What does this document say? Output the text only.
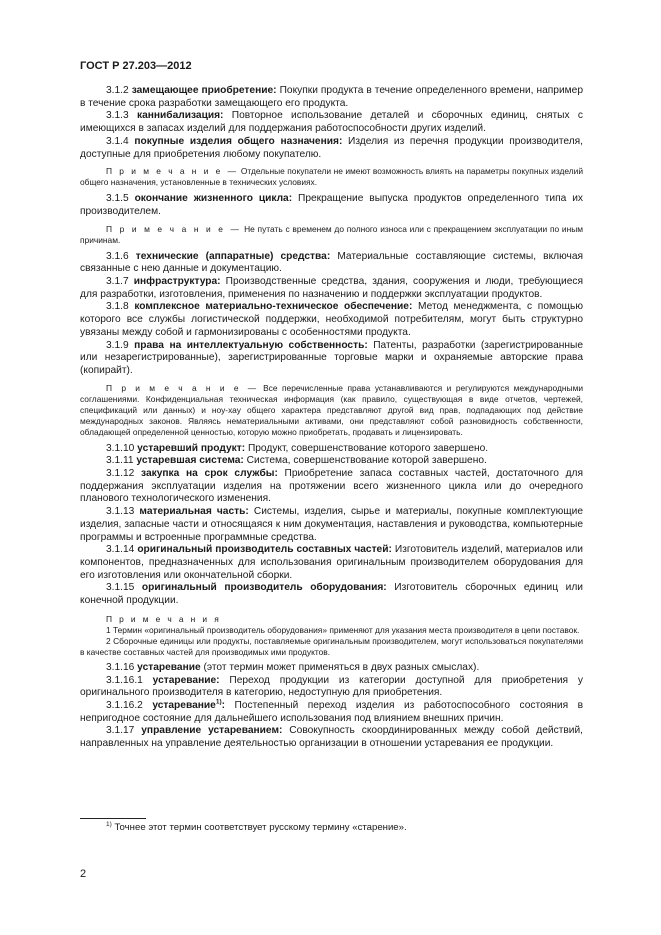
ГОСТ Р 27.203—2012

3.1.2 замещающее приобретение: Покупки продукта в течение определенного времени, например в течение срока разработки замещающего его продукта.

3.1.3 каннибализация: Повторное использование деталей и сборочных единиц, снятых с имеющихся в запасах изделий для поддержания работоспособности других изделий.

3.1.4 покупные изделия общего назначения: Изделия из перечня продукции производителя, доступные для приобретения любому покупателю.

П р и м е ч а н и е — Отдельные покупатели не имеют возможность влиять на параметры покупных изделий общего назначения, установленные в технических условиях.

3.1.5 окончание жизненного цикла: Прекращение выпуска продуктов определенного типа их производителем.

П р и м е ч а н и е — Не путать с временем до полного износа или с прекращением эксплуатации по иным причинам.

3.1.6 технические (аппаратные) средства: Материальные составляющие системы, включая связанные с нею данные и документацию.

3.1.7 инфраструктура: Производственные средства, здания, сооружения и люди, требующиеся для разработки, изготовления, применения по назначению и поддержки эксплуатации продуктов.

3.1.8 комплексное материально-техническое обеспечение: Метод менеджмента, с помощью которого все службы логистической поддержки, необходимой потребителям, могут быть структурно увязаны между собой и гармонизированы с особенностями продукта.

3.1.9 права на интеллектуальную собственность: Патенты, разработки (зарегистрированные или незарегистрированные), зарегистрированные торговые марки и охраняемые авторские права (копирайт).

П р и м е ч а н и е — Все перечисленные права устанавливаются и регулируются международными соглашениями. Конфиденциальная техническая информация (как правило, существующая в виде отчетов, чертежей, спецификаций или данных) и ноу-хау общего характера представляют другой вид прав, подпадающих под действие международных законов. Являясь нематериальными активами, они представляют собой разновидность собственности, обладающей определенной ценностью, которую можно приобретать, продавать и лицензировать.

3.1.10 устаревший продукт: Продукт, совершенствование которого завершено.

3.1.11 устаревшая система: Система, совершенствование которой завершено.

3.1.12 закупка на срок службы: Приобретение запаса составных частей, достаточного для поддержания эксплуатации изделия на протяжении всего жизненного цикла или до очередного планового технологического изменения.

3.1.13 материальная часть: Системы, изделия, сырье и материалы, покупные комплектующие изделия, запасные части и относящаяся к ним документация, наставления и руководства, компьютерные программы и встроенные программные средства.

3.1.14 оригинальный производитель составных частей: Изготовитель изделий, материалов или компонентов, предназначенных для использования оригинальным производителем оборудования для его изготовления или окончательной сборки.

3.1.15 оригинальный производитель оборудования: Изготовитель сборочных единиц или конечной продукции.

П р и м е ч а н и я

1 Термин «оригинальный производитель оборудования» применяют для указания места производителя в цепи поставок.

2 Сборочные единицы или продукты, поставляемые оригинальным производителем, могут использоваться покупателями в качестве составных частей для производимых ими продуктов.

3.1.16 устаревание (этот термин может применяться в двух разных смыслах).

3.1.16.1 устаревание: Переход продукции из категории доступной для приобретения у оригинального производителя в категорию, недоступную для приобретения.

3.1.16.2 устаревание$^{1)}$: Постепенный переход изделия из работоспособного состояния в непригодное состояние для дальнейшего использования под влиянием внешних причин.

3.1.17 управление устареванием: Совокупность скоординированных между собой действий, направленных на управление деятельностью организации в отношении устаревания ее продукции.

$^{1)}$ Точнее этот термин соответствует русскому термину «старение».
2
